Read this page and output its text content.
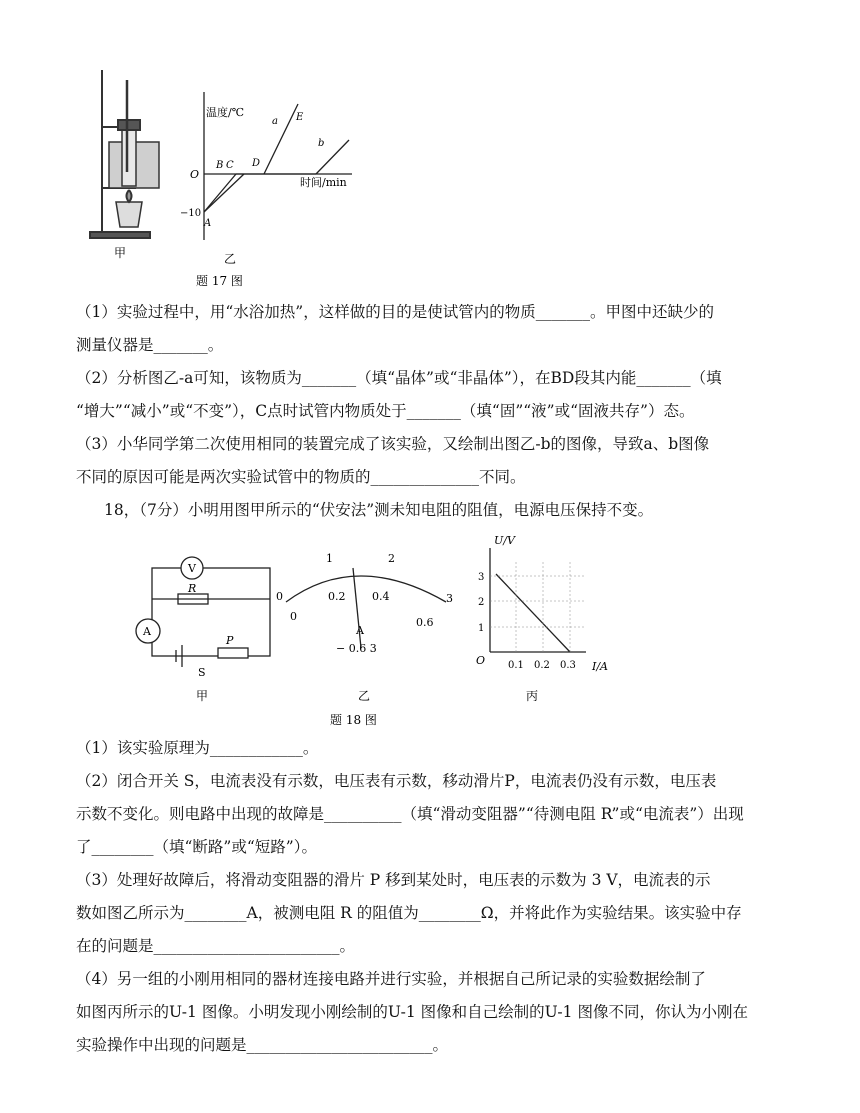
甲
温度/℃
时间/min
O
−10
A
B C D
E
a
b
乙
题 17 图
（1）实验过程中，用“水浴加热”，这样做的目的是使试管内的物质_______。甲图中还缺少的
测量仪器是_______。
（2）分析图乙-a可知，该物质为_______（填“晶体”或“非晶体”），在BD段其内能_______（填
“增大”“减小”或“不变”），C点时试管内物质处于_______（填“固”“液”或“固液共存”）态。
（3）小华同学第二次使用相同的装置完成了该实验，又绘制出图乙-b的图像，导致a、b图像
不同的原因可能是两次实验试管中的物质的______________不同。
18，（7分）小明用图甲所示的“伏安法”测未知电阻的阻值，电源电压保持不变。
V
A
R
S
P
甲
0
1	2
3
0
0.2 0.4
0.6
A
− 0.6 3
乙
U/V
I/A
O
1
2
3
0.1 0.2 0.3
丙
题 18 图
（1）该实验原理为____________。
（2）闭合开关 S，电流表没有示数，电压表有示数，移动滑片P，电流表仍没有示数，电压表
示数不变化。则电路中出现的故障是__________（填“滑动变阻器”“待测电阻 R”或“电流表”）出现
了________（填“断路”或“短路”）。
（3）处理好故障后，将滑动变阻器的滑片 P 移到某处时，电压表的示数为 3 V，电流表的示
数如图乙所示为________A，被测电阻 R 的阻值为________Ω，并将此作为实验结果。该实验中存
在的问题是________________________。
（4）另一组的小刚用相同的器材连接电路并进行实验，并根据自己所记录的实验数据绘制了
如图丙所示的U-1 图像。小明发现小刚绘制的U-1 图像和自己绘制的U-1 图像不同，你认为小刚在
实验操作中出现的问题是________________________。
